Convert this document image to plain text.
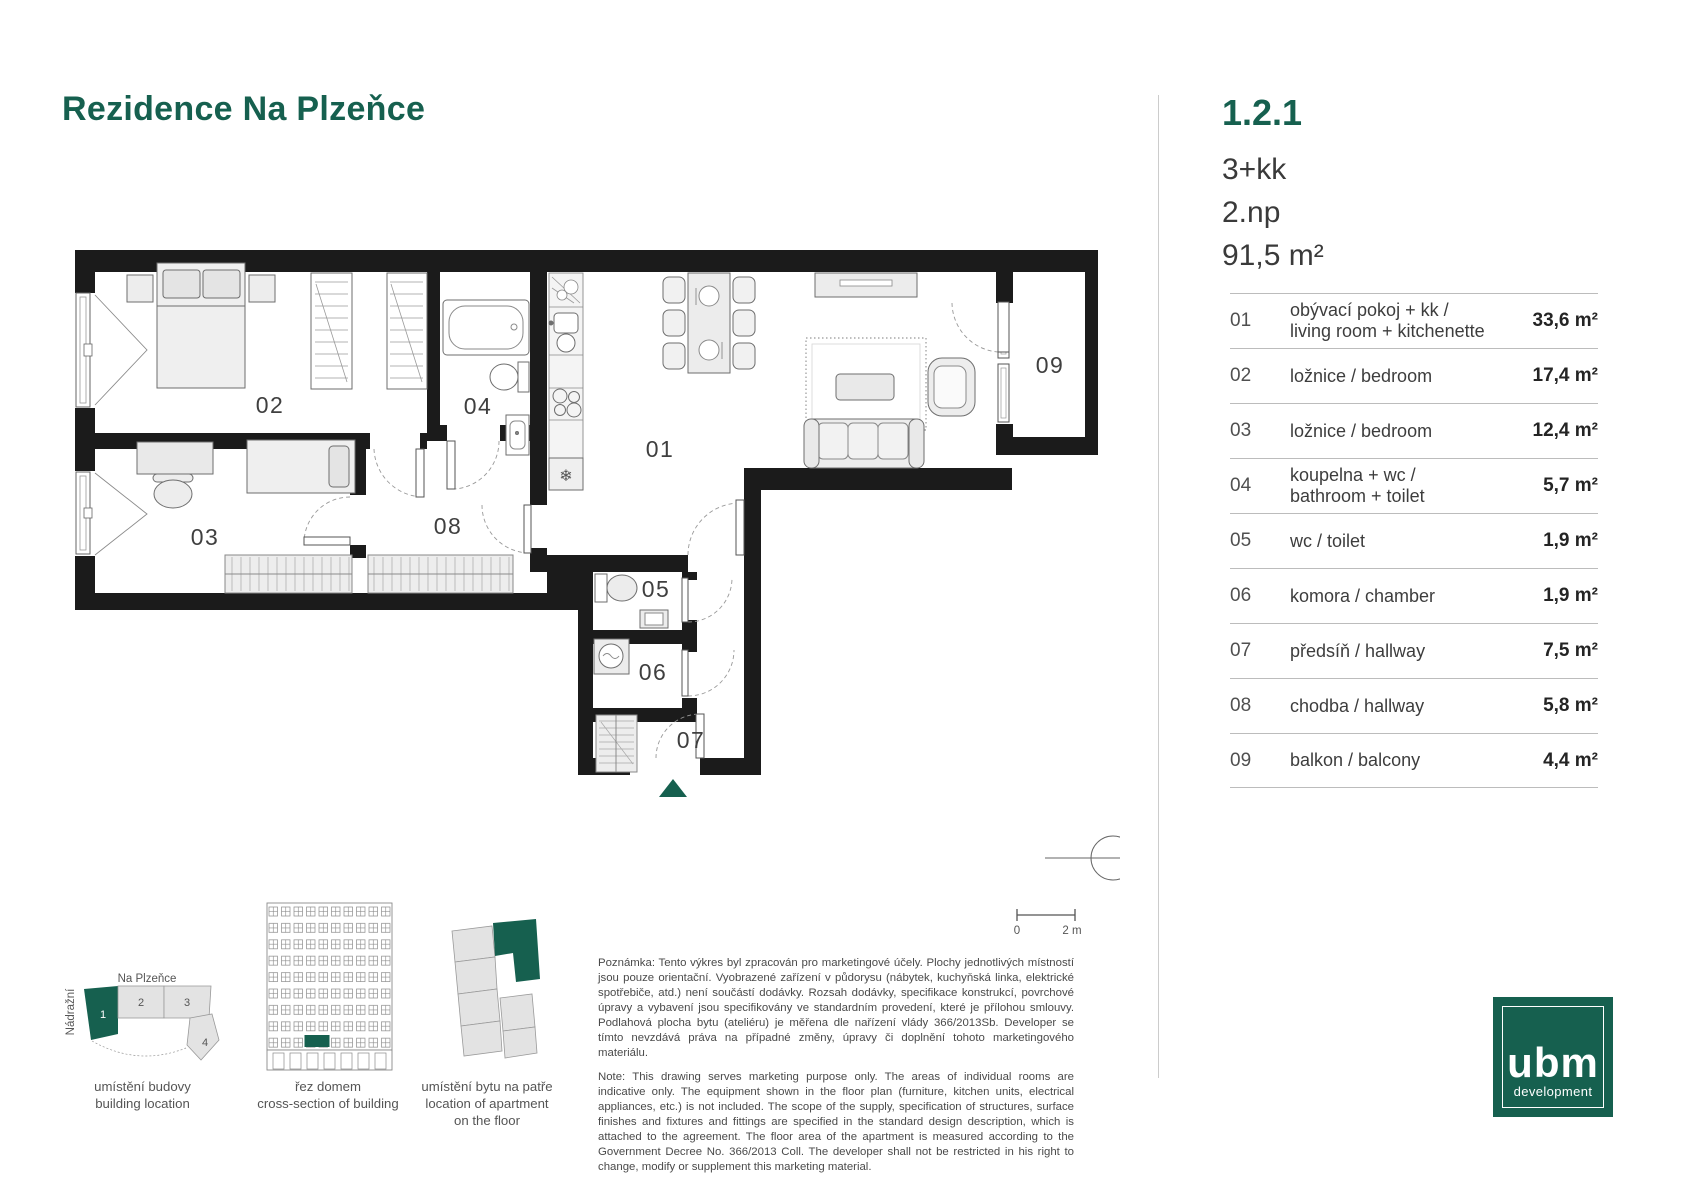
Rezidence Na Plzeňce	1.2.1
3+kk
2.np
91,5 m²
01	obývací pokoj + kk /
living room + kitchenette	33,6 m²
02	ložnice / bedroom	17,4 m²
03	ložnice / bedroom	12,4 m²
04	koupelna + wc /
bathroom + toilet	5,7 m²
05	wc / toilet	1,9 m²
06	komora / chamber	1,9 m²
07	předsíň / hallway	7,5 m²
08	chodba / hallway	5,8 m²
09	balkon / balcony	4,4 m²
❄
01
02
03
04
05
06
07
08
09
0	2 m
Na Plzeňce
Nádražní 1
2	3
4
umístění budovy
building location
řez domem
cross-section of building
umístění bytu na patře
location of apartment
on the floor

Poznámka: Tento výkres byl zpracován pro marketingové účely. Plochy jednotlivých místností jsou pouze orientační. Vyobrazené zařízení v půdorysu (nábytek, kuchyňská linka, elektrické spotřebiče, atd.) není součástí dodávky. Rozsah dodávky, specifikace konstrukcí, povrchové úpravy a vybavení jsou specifikovány ve standardním provedení, které je přílohou smlouvy. Podlahová plocha bytu (ateliéru) je měřena dle nařízení vlády 366/2013Sb. Developer se tímto nevzdává práva na případné změny, úpravy či doplnění tohoto marketingového materiálu.

Note: This drawing serves marketing purpose only. The areas of individual rooms are indicative only. The equipment shown in the floor plan (furniture, kitchen units, electrical appliances, etc.) is not included. The scope of the supply, specification of structures, surface finishes and fixtures and fittings are specified in the standard design description, which is attached to the agreement. The floor area of the apartment is measured according to the Government Decree No. 366/2013 Coll. The developer shall not be restricted in his right to change, modify or supplement this marketing material.

ubm
development
